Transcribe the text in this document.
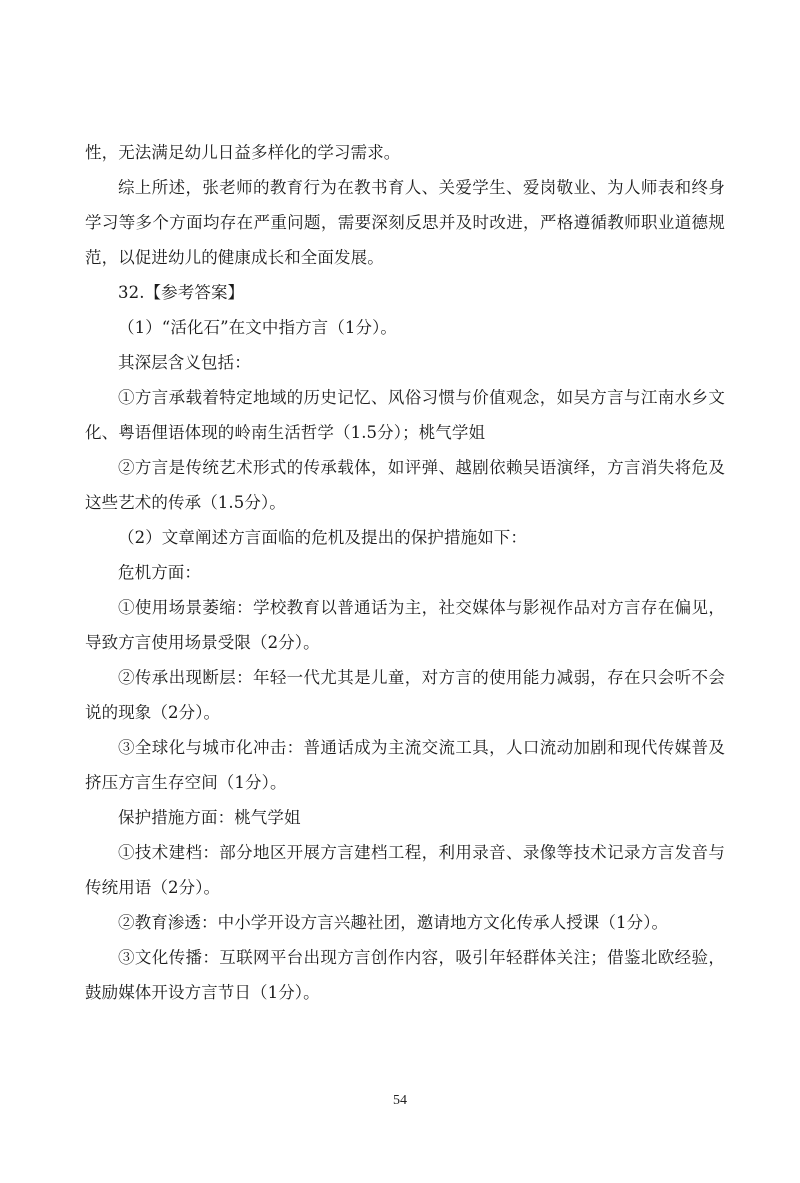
性，无法满足幼儿日益多样化的学习需求。

综上所述，张老师的教育行为在教书育人、关爱学生、爱岗敬业、为人师表和终身学习等多个方面均存在严重问题，需要深刻反思并及时改进，严格遵循教师职业道德规范，以促进幼儿的健康成长和全面发展。

32.【参考答案】

（1）“活化石”在文中指方言（1分）。

其深层含义包括：

①方言承载着特定地域的历史记忆、风俗习惯与价值观念，如吴方言与江南水乡文化、粤语俚语体现的岭南生活哲学（1.5分）；桃气学姐

②方言是传统艺术形式的传承载体，如评弹、越剧依赖吴语演绎，方言消失将危及这些艺术的传承（1.5分）。

（2）文章阐述方言面临的危机及提出的保护措施如下：

危机方面：

①使用场景萎缩：学校教育以普通话为主，社交媒体与影视作品对方言存在偏见，导致方言使用场景受限（2分）。

②传承出现断层：年轻一代尤其是儿童，对方言的使用能力减弱，存在只会听不会说的现象（2分）。

③全球化与城市化冲击：普通话成为主流交流工具，人口流动加剧和现代传媒普及挤压方言生存空间（1分）。

保护措施方面：桃气学姐

①技术建档：部分地区开展方言建档工程，利用录音、录像等技术记录方言发音与传统用语（2分）。

②教育渗透：中小学开设方言兴趣社团，邀请地方文化传承人授课（1分）。

③文化传播：互联网平台出现方言创作内容，吸引年轻群体关注；借鉴北欧经验，鼓励媒体开设方言节日（1分）。

54
